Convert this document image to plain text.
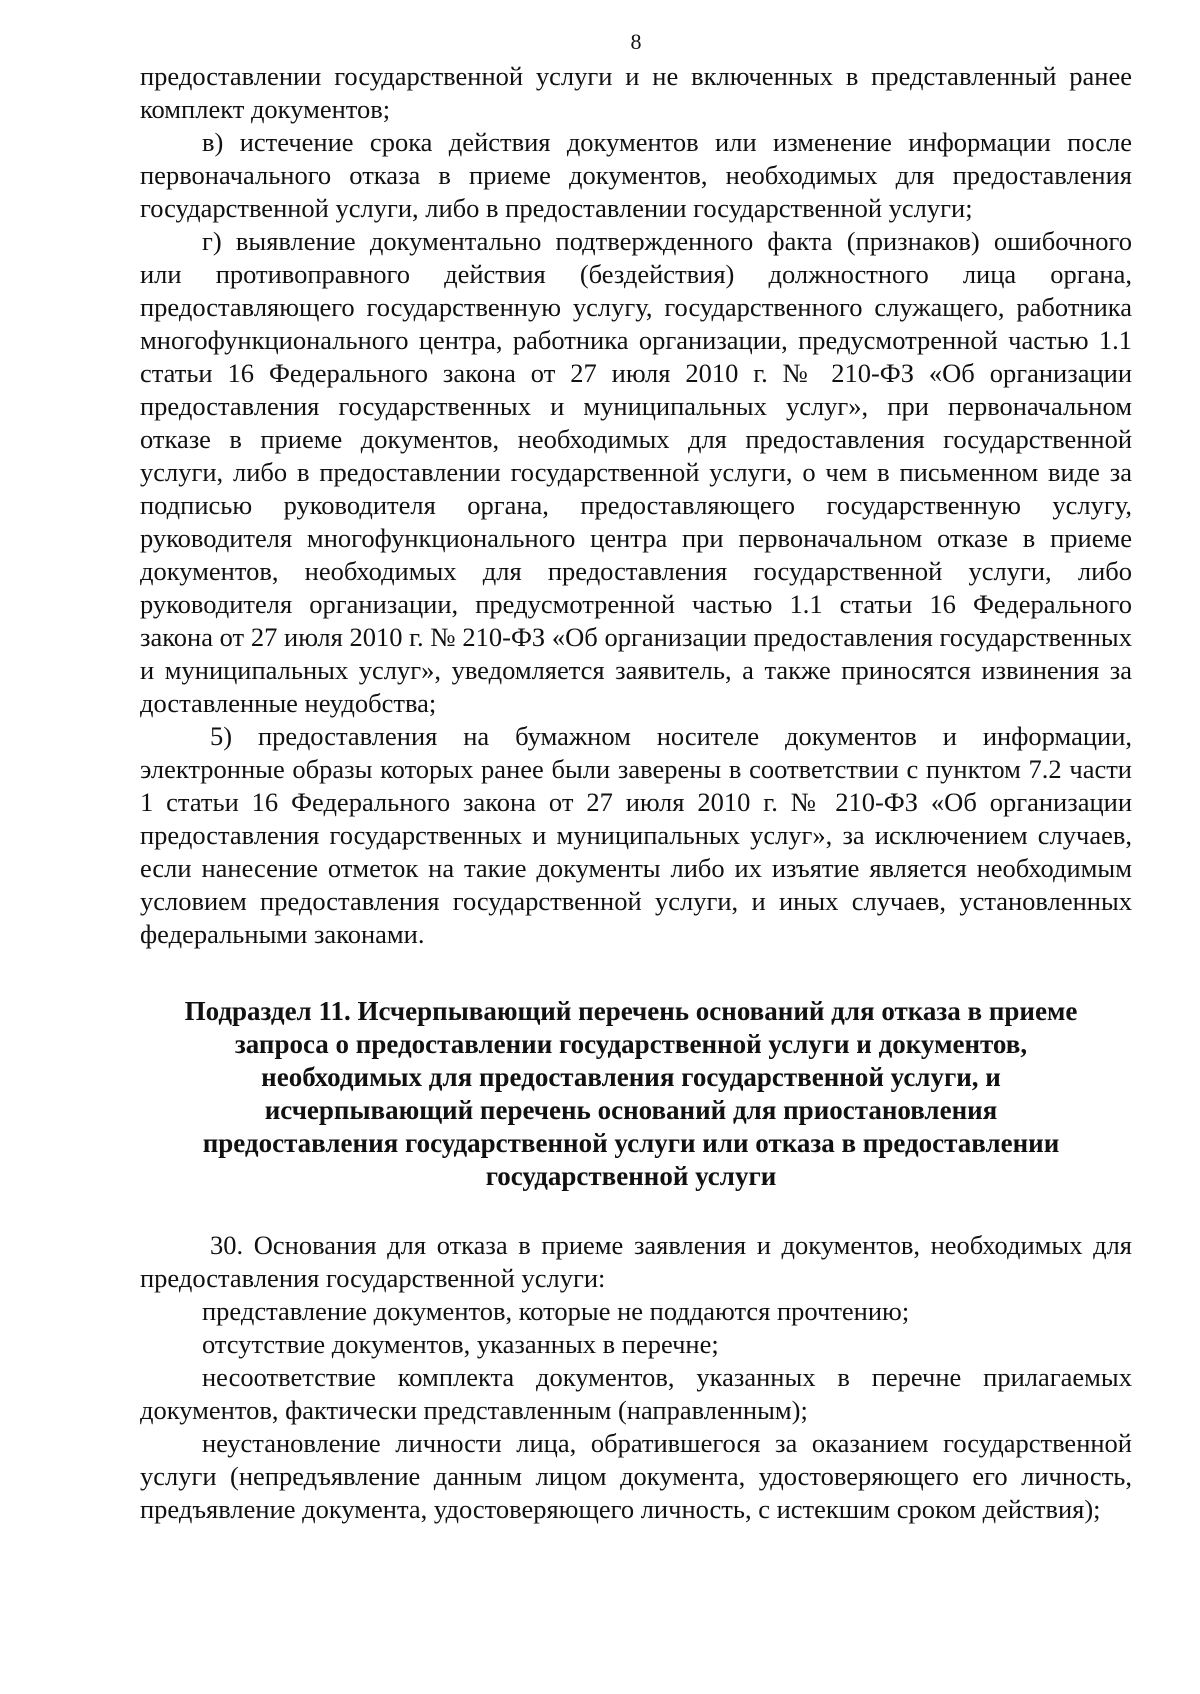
8

предоставлении государственной услуги и не включенных в представленный ранее комплект документов;

в) истечение срока действия документов или изменение информации после первоначального отказа в приеме документов, необходимых для предоставления государственной услуги, либо в предоставлении государственной услуги;

г) выявление документально подтвержденного факта (признаков) ошибочного или противоправного действия (бездействия) должностного лица органа, предоставляющего государственную услугу, государственного служащего, работника многофункционального центра, работника организации, предусмотренной частью 1.1 статьи 16 Федерального закона от 27 июля 2010 г. № 210-ФЗ «Об организации предоставления государственных и муниципальных услуг», при первоначальном отказе в приеме документов, необходимых для предоставления государственной услуги, либо в предоставлении государственной услуги, о чем в письменном виде за подписью руководителя органа, предоставляющего государственную услугу, руководителя многофункционального центра при первоначальном отказе в приеме документов, необходимых для предоставления государственной услуги, либо руководителя организации, предусмотренной частью 1.1 статьи 16 Федерального закона от 27 июля 2010 г. № 210-ФЗ «Об организации предоставления государственных и муниципальных услуг», уведомляется заявитель, а также приносятся извинения за доставленные неудобства;

5) предоставления на бумажном носителе документов и информации, электронные образы которых ранее были заверены в соответствии с пунктом 7.2 части 1 статьи 16 Федерального закона от 27 июля 2010 г. № 210-ФЗ «Об организации предоставления государственных и муниципальных услуг», за исключением случаев, если нанесение отметок на такие документы либо их изъятие является необходимым условием предоставления государственной услуги, и иных случаев, установленных федеральными законами.

Подраздел 11. Исчерпывающий перечень оснований для отказа в приеме
запроса о предоставлении государственной услуги и документов,
необходимых для предоставления государственной услуги, и
исчерпывающий перечень оснований для приостановления
предоставления государственной услуги или отказа в предоставлении
государственной услуги

30. Основания для отказа в приеме заявления и документов, необходимых для предоставления государственной услуги:

представление документов, которые не поддаются прочтению;

отсутствие документов, указанных в перечне;

несоответствие комплекта документов, указанных в перечне прилагаемых документов, фактически представленным (направленным);

неустановление личности лица, обратившегося за оказанием государственной услуги (непредъявление данным лицом документа, удостоверяющего его личность, предъявление документа, удостоверяющего личность, с истекшим сроком действия);
